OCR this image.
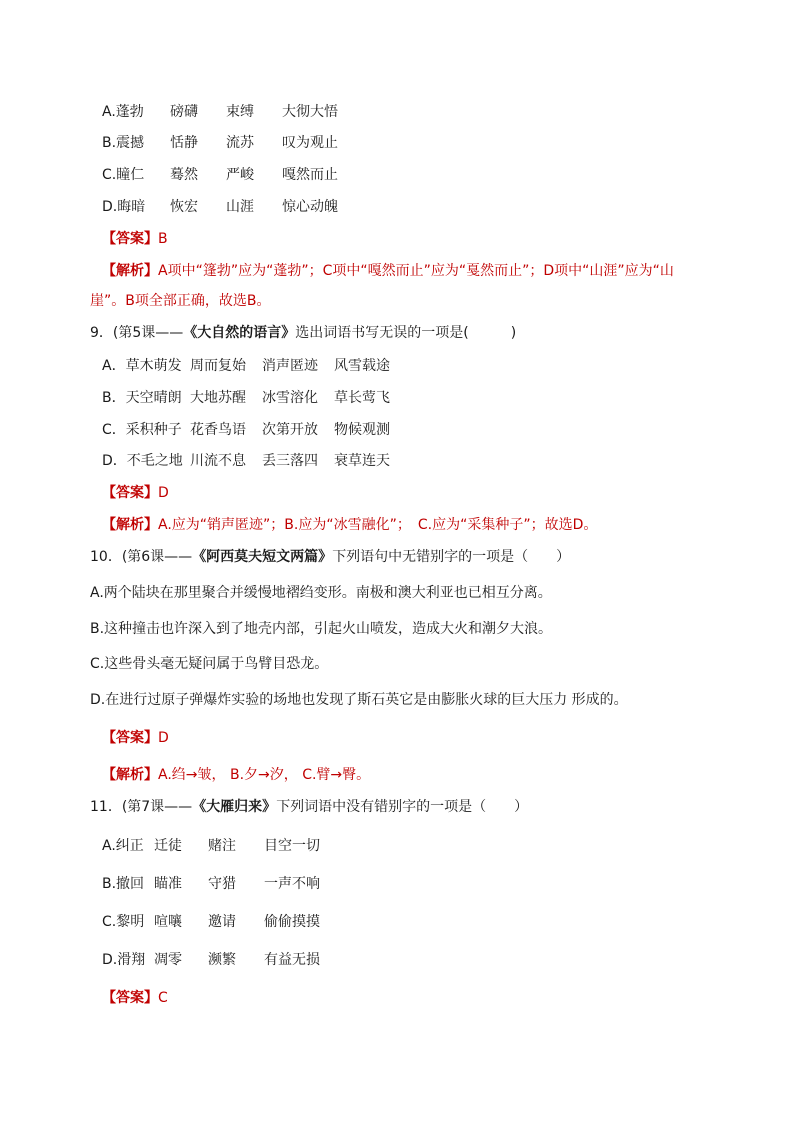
A.蓬勃 磅礴 束缚 大彻大悟
B.震撼 恬静 流苏 叹为观止
C.瞳仁 蓦然 严峻 嘎然而止
D.晦暗 恢宏 山涯 惊心动魄
【答案】B
【解析】A项中“篷勃”应为“蓬勃”；C项中“嘎然而止”应为“戛然而止”；D项中“山涯”应为“山
崖”。B项全部正确，故选B。
9．(第5课——《大自然的语言》选出词语书写无误的一项是(　　　)
A．草木萌发 周而复始 消声匿迹 风雪载途
B．天空晴朗 大地苏醒 冰雪溶化 草长莺飞
C．采积种子 花香鸟语 次第开放 物候观测
D．不毛之地 川流不息 丢三落四 衰草连天
【答案】D
【解析】A.应为“销声匿迹”；B.应为“冰雪融化”；　C.应为“采集种子”；故选D。
10．(第6课——《阿西莫夫短文两篇》下列语句中无错别字的一项是（　　）
A.两个陆块在那里聚合并缓慢地褶绉变形。南极和澳大利亚也已相互分离。
B.这种撞击也许深入到了地壳内部，引起火山喷发，造成大火和潮夕大浪。
C.这些骨头毫无疑问属于鸟臂目恐龙。
D.在进行过原子弹爆炸实验的场地也发现了斯石英它是由膨胀火球的巨大压力 形成的。
【答案】D
【解析】A.绉→皱， B.夕→汐， C.臂→臀。
11．(第7课——《大雁归来》下列词语中没有错别字的一项是（　　）
A.纠正 迁徒 赌注 目空一切
B.撤回 瞄准 守猎 一声不响
C.黎明 喧嚷 邀请 偷偷摸摸
D.滑翔 凋零 濒繁 有益无损
【答案】C
